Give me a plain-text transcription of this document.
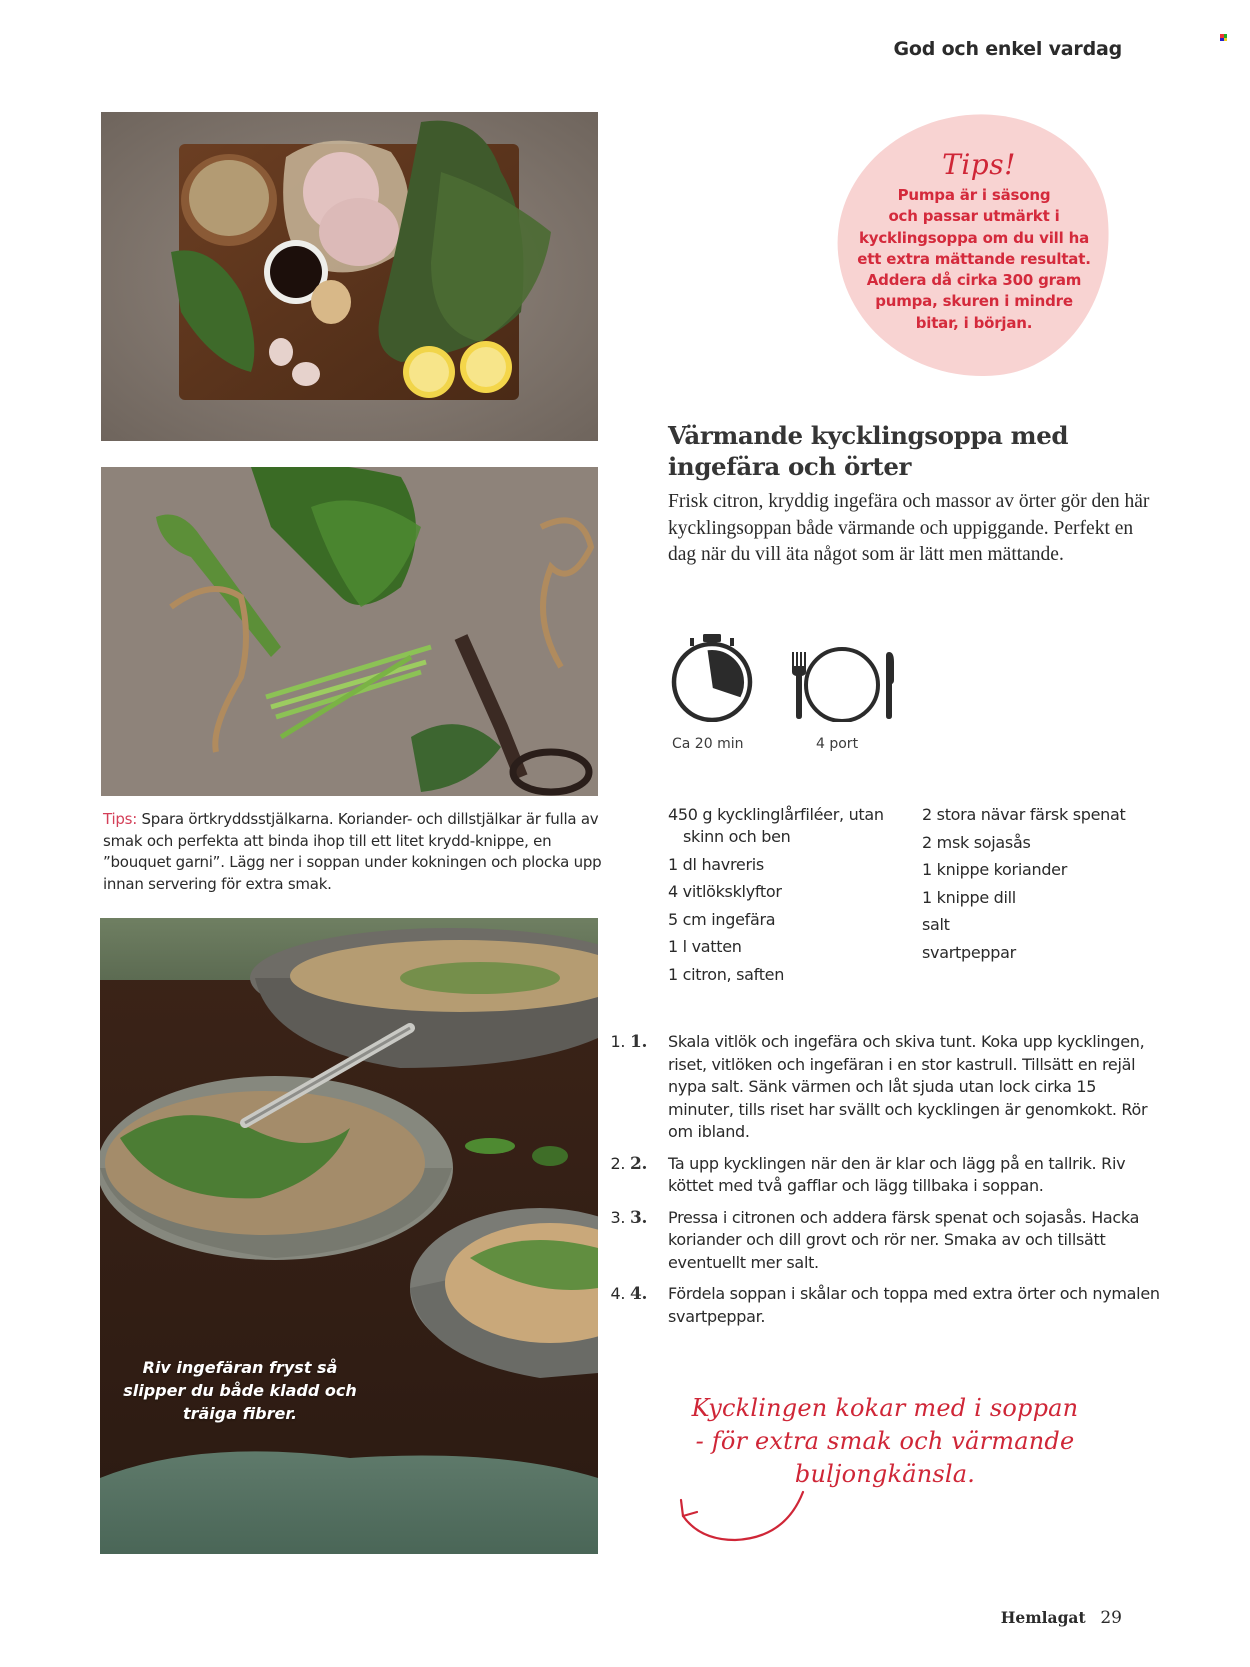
God och enkel vardag
Riv ingefäran fryst så slipper du både kladd och träiga fibrer.

Tips: Spara örtkryddsstjälkarna. Koriander- och dillstjälkar är fulla av smak och perfekta att binda ihop till ett litet krydd-knippe, en ”bouquet garni”. Lägg ner i soppan under kokningen och plocka upp innan servering för extra smak.

Tips!
Pumpa är i säsong
och passar utmärkt i
kycklingsoppa om du vill ha
ett extra mättande resultat.
Addera då cirka 300 gram
pumpa, skuren i mindre
bitar, i början.
Värmande kycklingsoppa med ingefära och örter

Frisk citron, kryddig ingefära och massor av örter gör den här kycklingsoppan både värmande och uppiggande. Perfekt en dag när du vill äta något som är lätt men mättande.

Ca 20 min	4 port
450 g kycklinglårfiléer, utan
skinn och ben
1 dl havreris
4 vitlöksklyftor
5 cm ingefära
1 l vatten
1 citron, saften
2 stora nävar färsk spenat
2 msk sojasås
1 knippe koriander
1 knippe dill
salt
svartpeppar
1. 1. Skala vitlök och ingefära och skiva tunt. Koka upp kycklingen, riset, vitlöken och ingefäran i en stor kastrull. Tillsätt en rejäl nypa salt. Sänk värmen och låt sjuda utan lock cirka 15 minuter, tills riset har svällt och kycklingen är genomkokt. Rör om ibland.
2. 2. Ta upp kycklingen när den är klar och lägg på en tallrik. Riv köttet med två gafflar och lägg tillbaka i soppan.
3. 3. Pressa i citronen och addera färsk spenat och sojasås. Hacka koriander och dill grovt och rör ner. Smaka av och tillsätt eventuellt mer salt.
4. 4. Fördela soppan i skålar och toppa med extra örter och nymalen svartpeppar.
Kycklingen kokar med i soppan
- för extra smak och värmande
buljongkänsla.
Hemlagat 29
